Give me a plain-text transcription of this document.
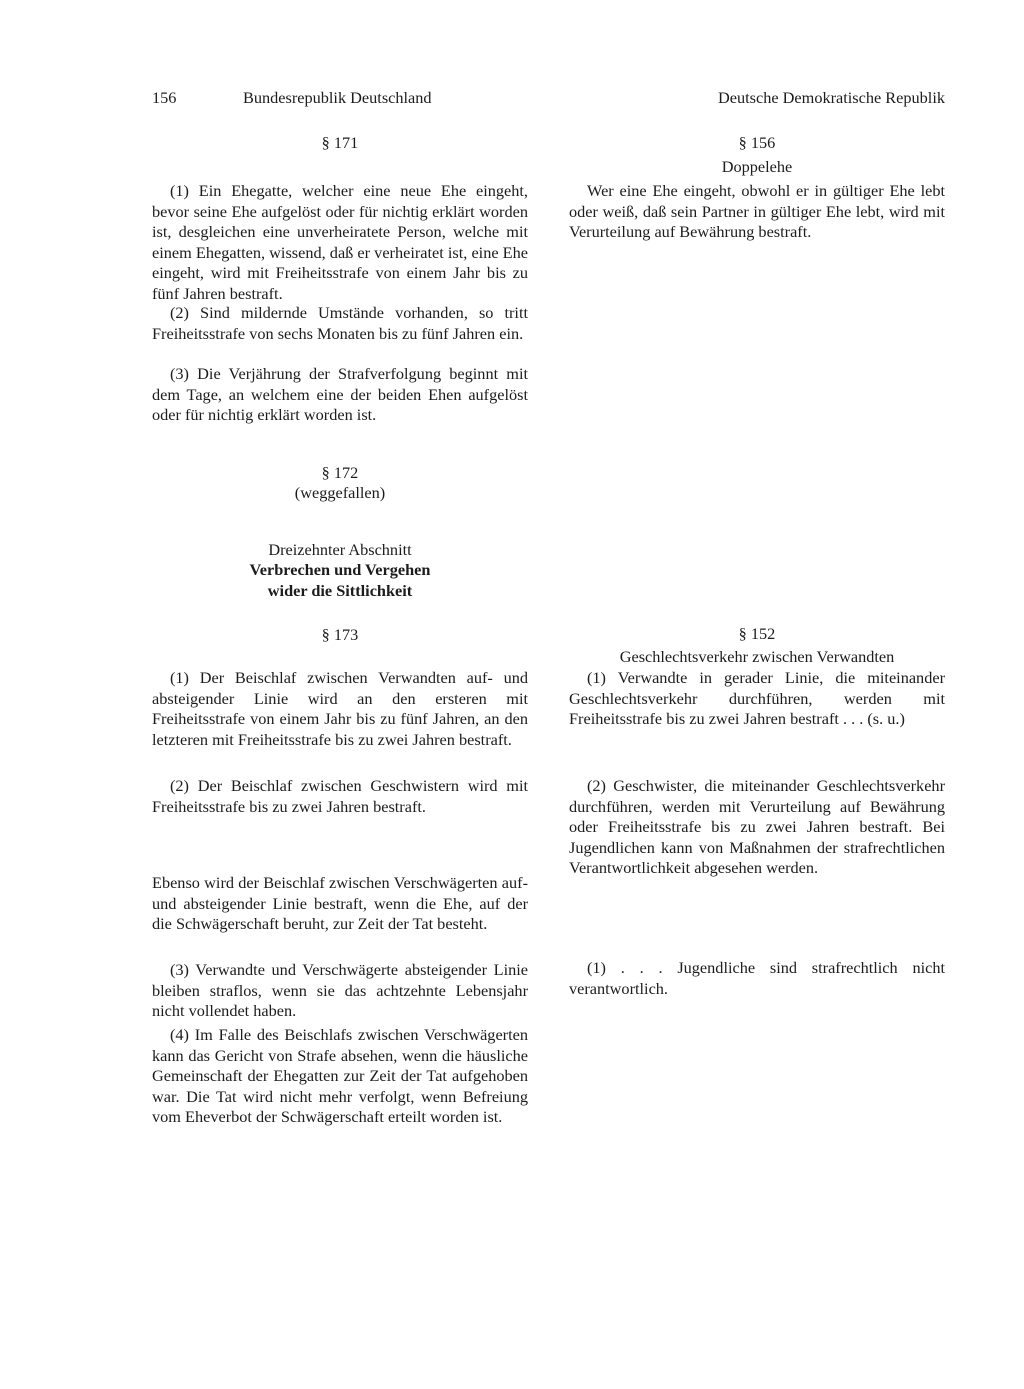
156	Bundesrepublik Deutschland	Deutsche Demokratische Republik
§ 171

(1) Ein Ehegatte, welcher eine neue Ehe eingeht, bevor seine Ehe aufgelöst oder für nichtig erklärt worden ist, desgleichen eine unverheiratete Person, welche mit einem Ehegatten, wissend, daß er verheiratet ist, eine Ehe eingeht, wird mit Freiheitsstrafe von einem Jahr bis zu fünf Jahren bestraft.

(2) Sind mildernde Umstände vorhanden, so tritt Freiheitsstrafe von sechs Monaten bis zu fünf Jahren ein.

(3) Die Verjährung der Strafverfolgung beginnt mit dem Tage, an welchem eine der beiden Ehen aufgelöst oder für nichtig erklärt worden ist.

§ 172
(weggefallen)
Dreizehnter Abschnitt
Verbrechen und Vergehen
wider die Sittlichkeit
§ 173

(1) Der Beischlaf zwischen Verwandten auf- und absteigender Linie wird an den ersteren mit Freiheitsstrafe von einem Jahr bis zu fünf Jahren, an den letzteren mit Freiheitsstrafe bis zu zwei Jahren bestraft.

(2) Der Beischlaf zwischen Geschwistern wird mit Freiheitsstrafe bis zu zwei Jahren bestraft.

Ebenso wird der Beischlaf zwischen Verschwägerten auf- und absteigender Linie bestraft, wenn die Ehe, auf der die Schwägerschaft beruht, zur Zeit der Tat besteht.

(3) Verwandte und Verschwägerte absteigender Linie bleiben straflos, wenn sie das achtzehnte Lebensjahr nicht vollendet haben.

(4) Im Falle des Beischlafs zwischen Verschwägerten kann das Gericht von Strafe absehen, wenn die häusliche Gemeinschaft der Ehegatten zur Zeit der Tat aufgehoben war. Die Tat wird nicht mehr verfolgt, wenn Befreiung vom Eheverbot der Schwägerschaft erteilt worden ist.

§ 156
Doppelehe

Wer eine Ehe eingeht, obwohl er in gültiger Ehe lebt oder weiß, daß sein Partner in gültiger Ehe lebt, wird mit Verurteilung auf Bewährung bestraft.

§ 152
Geschlechtsverkehr zwischen Verwandten

(1) Verwandte in gerader Linie, die miteinander Geschlechtsverkehr durchführen, werden mit Freiheitsstrafe bis zu zwei Jahren bestraft . . . (s. u.)

(2) Geschwister, die miteinander Geschlechtsverkehr durchführen, werden mit Verurteilung auf Bewährung oder Freiheitsstrafe bis zu zwei Jahren bestraft. Bei Jugendlichen kann von Maßnahmen der strafrechtlichen Verantwortlichkeit abgesehen werden.

(1) . . . Jugendliche sind strafrechtlich nicht verantwortlich.
